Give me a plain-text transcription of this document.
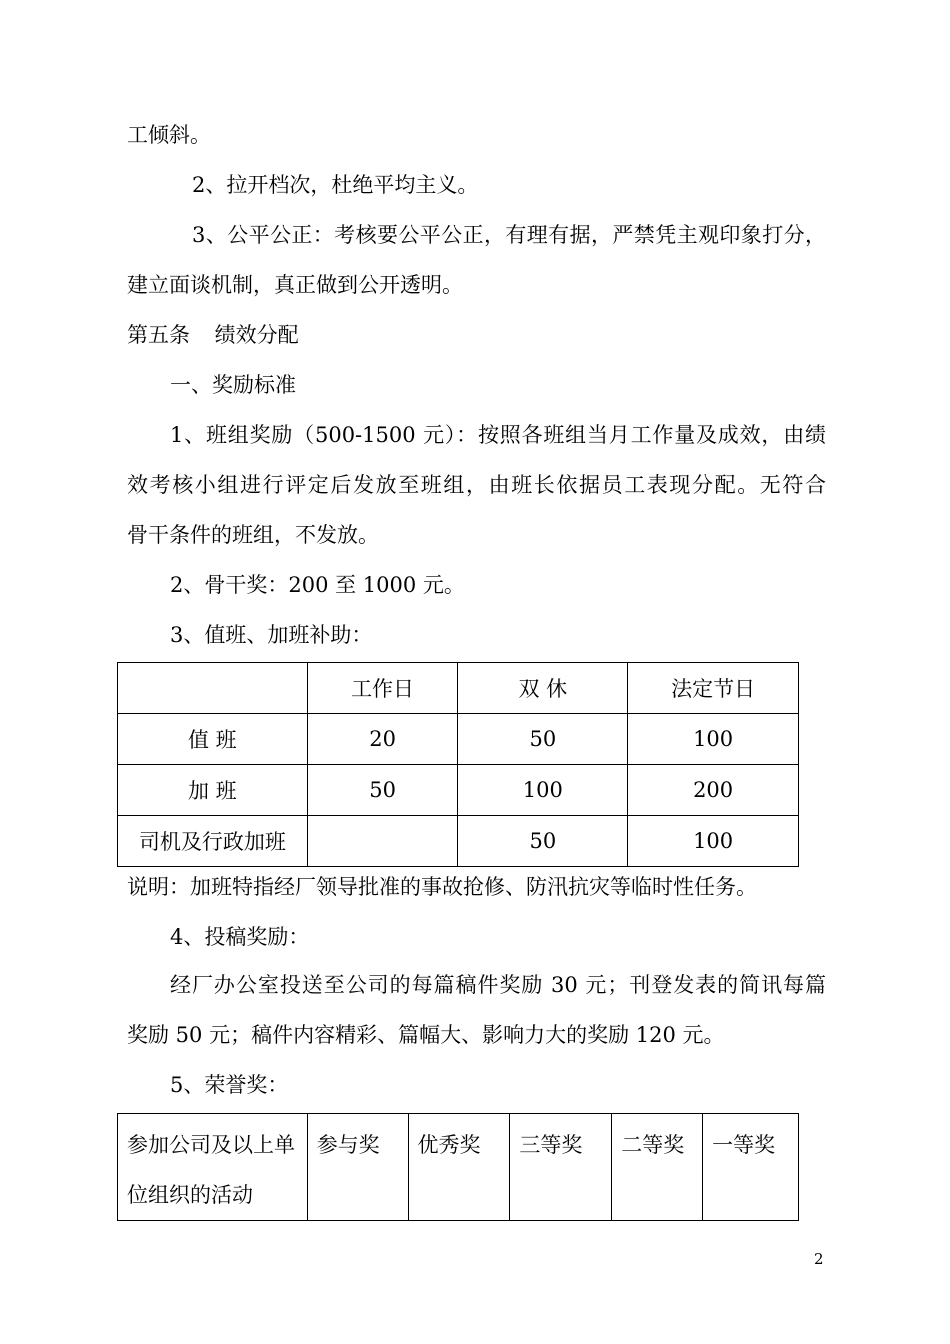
工倾斜。
2、拉开档次，杜绝平均主义。
3、公平公正：考核要公平公正，有理有据，严禁凭主观印象打分，
建立面谈机制，真正做到公开透明。
第五条 绩效分配
一、奖励标准
1、班组奖励（500-1500 元）：按照各班组当月工作量及成效，由绩
效考核小组进行评定后发放至班组，由班长依据员工表现分配。无符合
骨干条件的班组，不发放。
2、骨干奖：200 至 1000 元。
3、值班、加班补助：
	工作日	双 休	法定节日
值 班	20	50	100
加 班	50	100	200
司机及行政加班		50	100
说明：加班特指经厂领导批准的事故抢修、防汛抗灾等临时性任务。
4、投稿奖励：
经厂办公室投送至公司的每篇稿件奖励 30 元；刊登发表的简讯每篇
奖励 50 元；稿件内容精彩、篇幅大、影响力大的奖励 120 元。
5、荣誉奖：
参加公司及以上单位组织的活动	参与奖	优秀奖	三等奖	二等奖	一等奖
2
